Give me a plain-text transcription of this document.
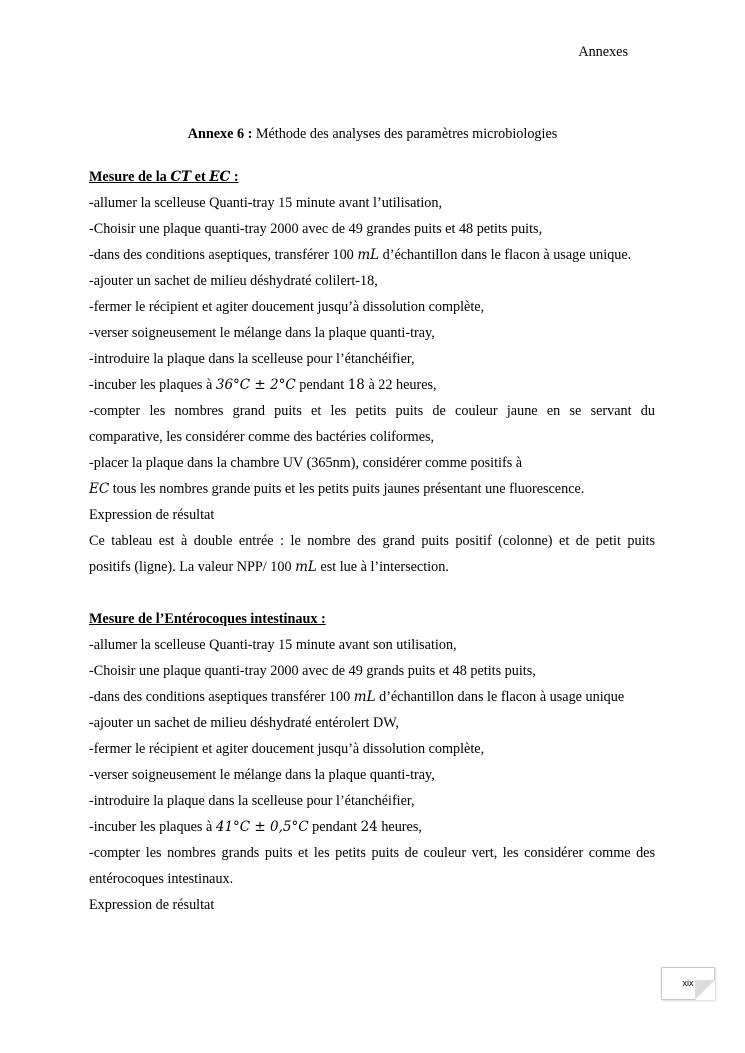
Annexes
Annexe 6 : Méthode des analyses des paramètres microbiologies
Mesure de la CT et EC :
-allumer la scelleuse Quanti-tray 15 minute avant l’utilisation,
-Choisir une plaque quanti-tray 2000 avec de 49 grandes puits et 48 petits puits,
-dans des conditions aseptiques, transférer 100 mL d’échantillon dans le flacon à usage unique.
-ajouter un sachet de milieu déshydraté colilert-18,
-fermer le récipient et agiter doucement jusqu’à dissolution complète,
-verser soigneusement le mélange dans la plaque quanti-tray,
-introduire la plaque dans la scelleuse pour l’étanchéifier,
-incuber les plaques à 36°C ± 2°C pendant 18 à 22 heures,
-compter les nombres grand puits et les petits puits de couleur jaune en se servant du
comparative, les considérer comme des bactéries coliformes,
-placer la plaque dans la chambre UV (365nm), considérer comme positifs à
EC tous les nombres grande puits et les petits puits jaunes présentant une fluorescence.
Expression de résultat
Ce tableau est à double entrée : le nombre des grand puits positif (colonne) et de petit puits
positifs (ligne). La valeur NPP/ 100 mL est lue à l’intersection.
Mesure de l’Entérocoques intestinaux :
-allumer la scelleuse Quanti-tray 15 minute avant son utilisation,
-Choisir une plaque quanti-tray 2000 avec de 49 grands puits et 48 petits puits,
-dans des conditions aseptiques transférer 100 mL d’échantillon dans le flacon à usage unique
-ajouter un sachet de milieu déshydraté entérolert DW,
-fermer le récipient et agiter doucement jusqu’à dissolution complète,
-verser soigneusement le mélange dans la plaque quanti-tray,
-introduire la plaque dans la scelleuse pour l’étanchéifier,
-incuber les plaques à 41°C ± 0,5°C pendant 24 heures,
-compter les nombres grands puits et les petits puits de couleur vert, les considérer comme des
entérocoques intestinaux.
Expression de résultat
xix
